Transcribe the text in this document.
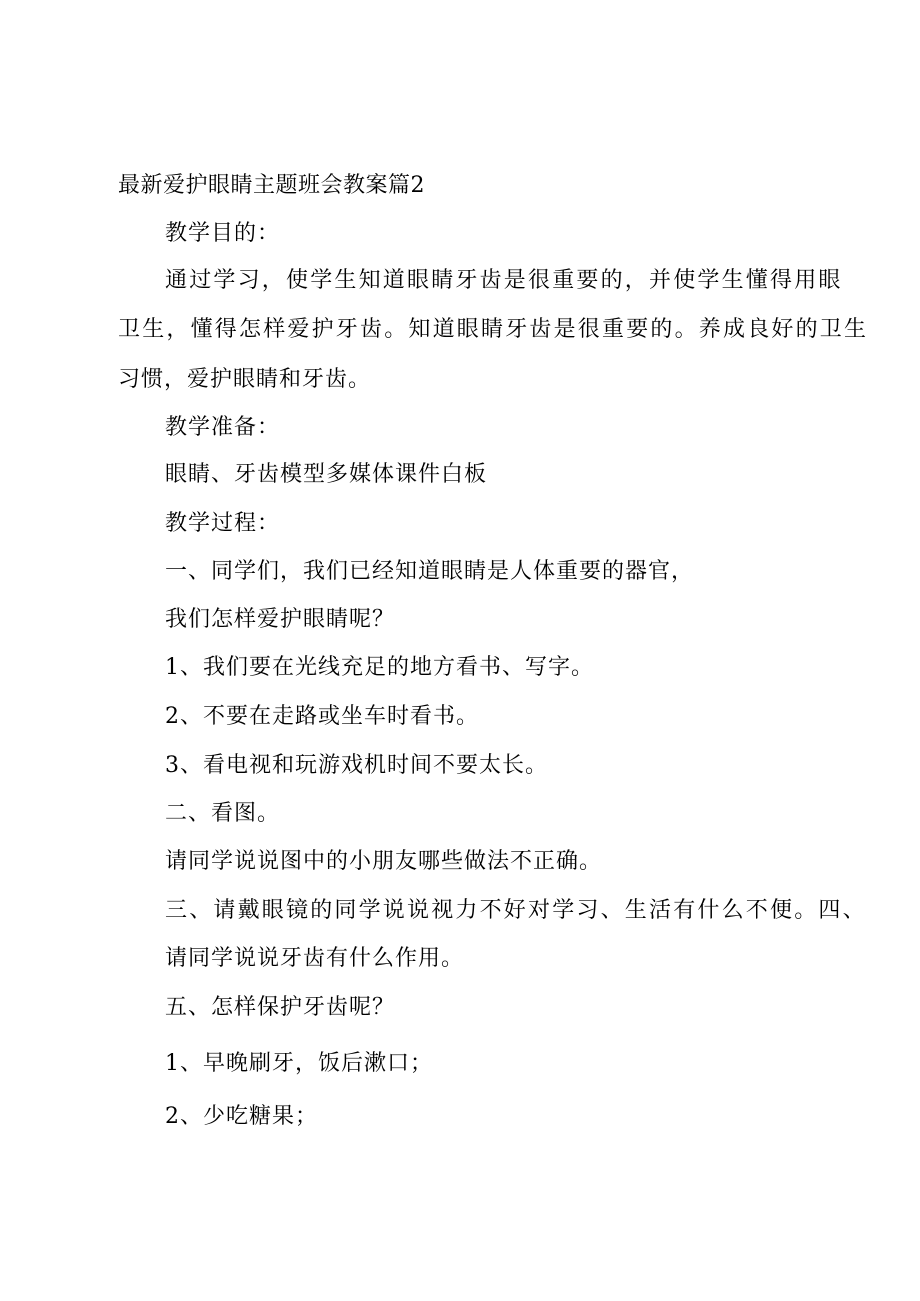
最新爱护眼睛主题班会教案篇2
教学目的：
通过学习，使学生知道眼睛牙齿是很重要的，并使学生懂得用眼
卫生，懂得怎样爱护牙齿。知道眼睛牙齿是很重要的。养成良好的卫生
习惯，爱护眼睛和牙齿。
教学准备：
眼睛、牙齿模型多媒体课件白板
教学过程：
一、同学们，我们已经知道眼睛是人体重要的器官，
我们怎样爱护眼睛呢？
1、我们要在光线充足的地方看书、写字。
2、不要在走路或坐车时看书。
3、看电视和玩游戏机时间不要太长。
二、看图。
请同学说说图中的小朋友哪些做法不正确。
三、请戴眼镜的同学说说视力不好对学习、生活有什么不便。四、
请同学说说牙齿有什么作用。
五、怎样保护牙齿呢？
1、早晚刷牙，饭后漱口；
2、少吃糖果；
